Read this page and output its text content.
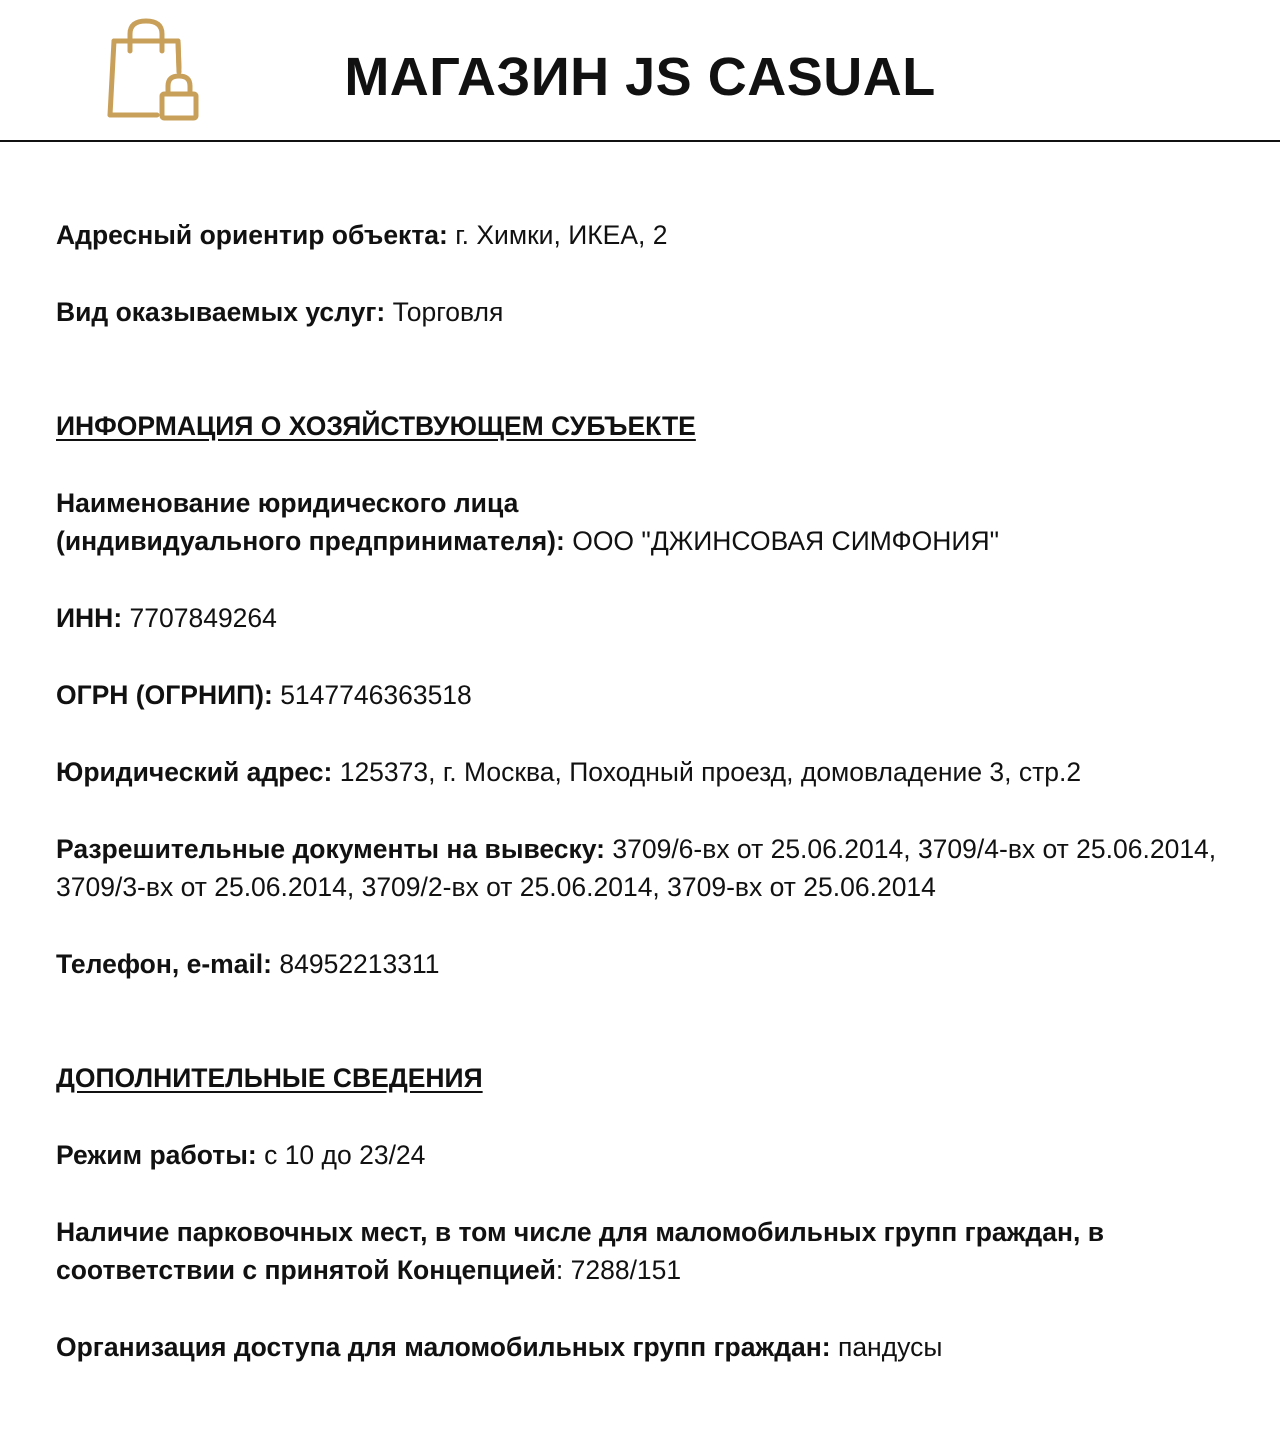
МАГАЗИН JS CASUAL

Адресный ориентир объекта: г. Химки, ИКЕА, 2

Вид оказываемых услуг: Торговля

ИНФОРМАЦИЯ О ХОЗЯЙСТВУЮЩЕМ СУБЪЕКТЕ

Наименование юридического лица
(индивидуального предпринимателя): ООО "ДЖИНСОВАЯ СИМФОНИЯ"

ИНН: 7707849264

ОГРН (ОГРНИП): 5147746363518

Юридический адрес: 125373, г. Москва, Походный проезд, домовладение 3, стр.2

Разрешительные документы на вывеску: 3709/6-вх от 25.06.2014, 3709/4-вх от 25.06.2014, 3709/3-вх от 25.06.2014, 3709/2-вх от 25.06.2014, 3709-вх от 25.06.2014

Телефон, e-mail: 84952213311

ДОПОЛНИТЕЛЬНЫЕ СВЕДЕНИЯ

Режим работы: с 10 до 23/24

Наличие парковочных мест, в том числе для маломобильных групп граждан, в соответствии с принятой Концепцией: 7288/151

Организация доступа для маломобильных групп граждан: пандусы
